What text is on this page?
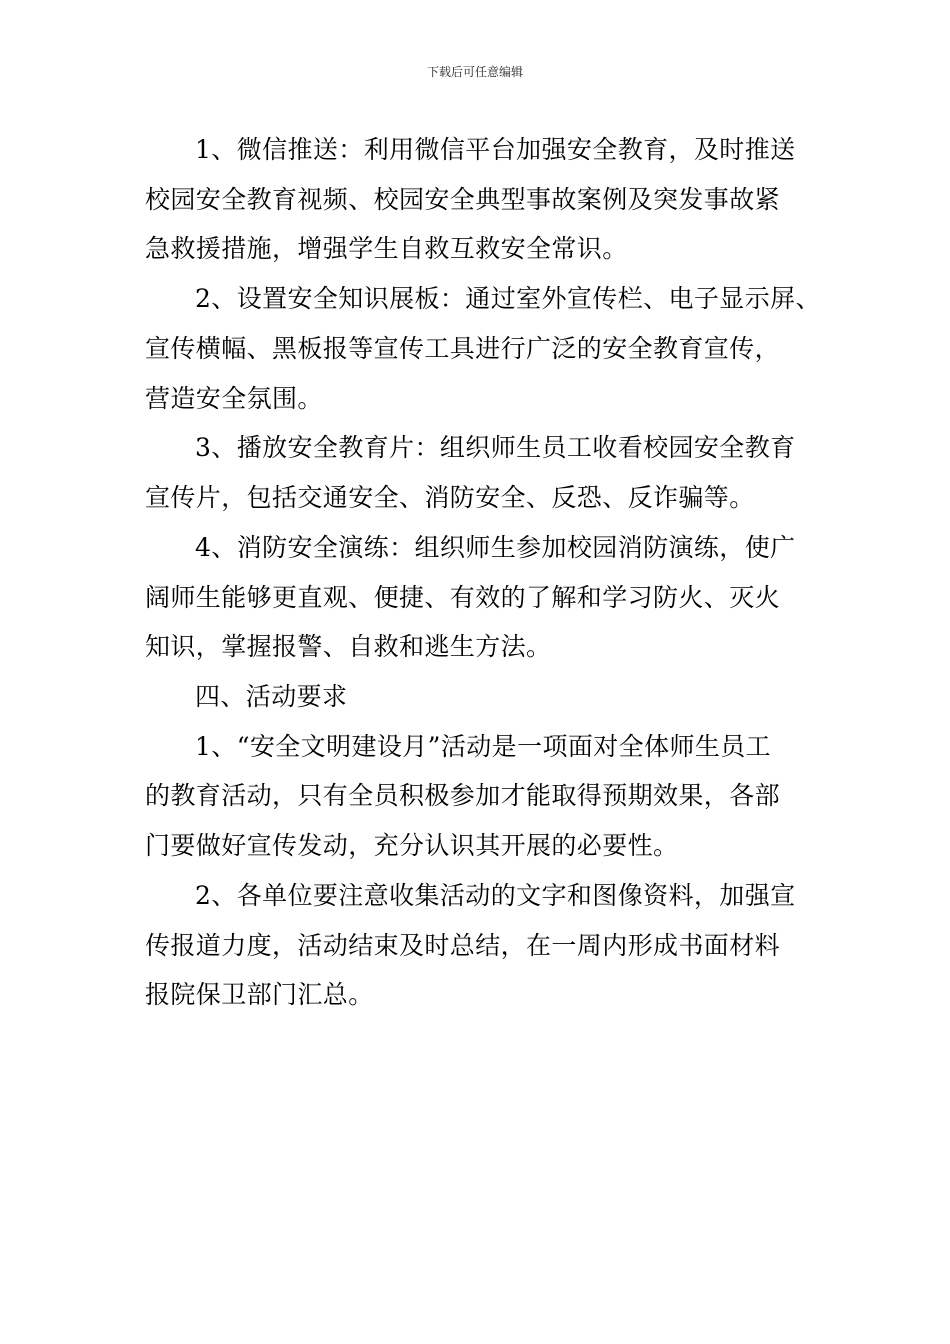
下载后可任意编辑
1、微信推送：利用微信平台加强安全教育，及时推送
校园安全教育视频、校园安全典型事故案例及突发事故紧
急救援措施，增强学生自救互救安全常识。
2、设置安全知识展板：通过室外宣传栏、电子显示屏、
宣传横幅、黑板报等宣传工具进行广泛的安全教育宣传，
营造安全氛围。
3、播放安全教育片：组织师生员工收看校园安全教育
宣传片，包括交通安全、消防安全、反恐、反诈骗等。
4、消防安全演练：组织师生参加校园消防演练，使广
阔师生能够更直观、便捷、有效的了解和学习防火、灭火
知识，掌握报警、自救和逃生方法。
四、活动要求
1、“安全文明建设月”活动是一项面对全体师生员工
的教育活动，只有全员积极参加才能取得预期效果，各部
门要做好宣传发动，充分认识其开展的必要性。
2、各单位要注意收集活动的文字和图像资料，加强宣
传报道力度，活动结束及时总结，在一周内形成书面材料
报院保卫部门汇总。
